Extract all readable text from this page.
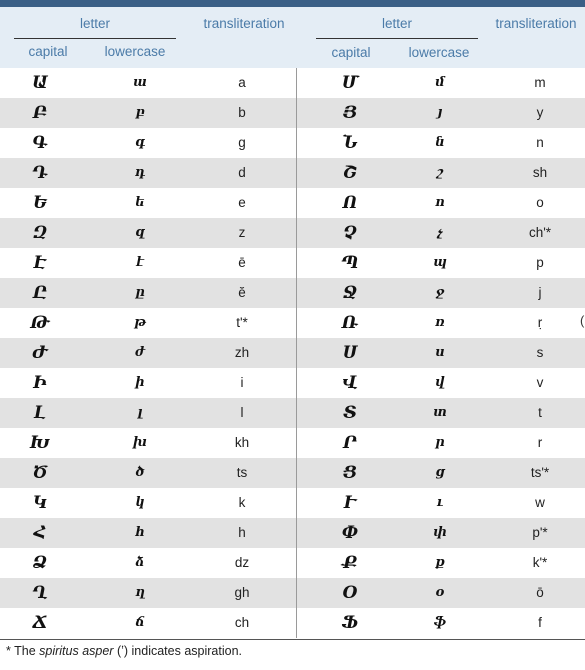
letter
capital	lowercase
transliteration	letter
capital	lowercase
transliteration
Ա	ա	a	Մ	մ	m
Բ	բ	b	Յ	յ	y
Գ	գ	g	Ն	ն	n
Դ	դ	d	Շ	շ	sh
Ե	ե	e	Ո	ո	o
Զ	զ	z	Չ	չ	ch'*
Է	է	ē	Պ	պ	p
Ը	ը	ĕ	Ջ	ջ	j
Թ	թ	t'*	Ռ	ռ	ṛ
Ժ	ժ	zh	Ս	ս	s
Ի	ի	i	Վ	վ	v
Լ	լ	l	Տ	տ	t
Խ	խ	kh	Ր	ր	r
Ծ	ծ	ts	Ց	ց	ts'*
Կ	կ	k	Ւ	ւ	w
Հ	հ	h	Փ	փ	p'*
Ձ	ձ	dz	Ք	ք	k'*
Ղ	ղ	gh	Օ	օ	ō
Ճ	ճ	ch	Ֆ	ֆ	f
(
* The spiritus asper (ʽ) indicates aspiration.
